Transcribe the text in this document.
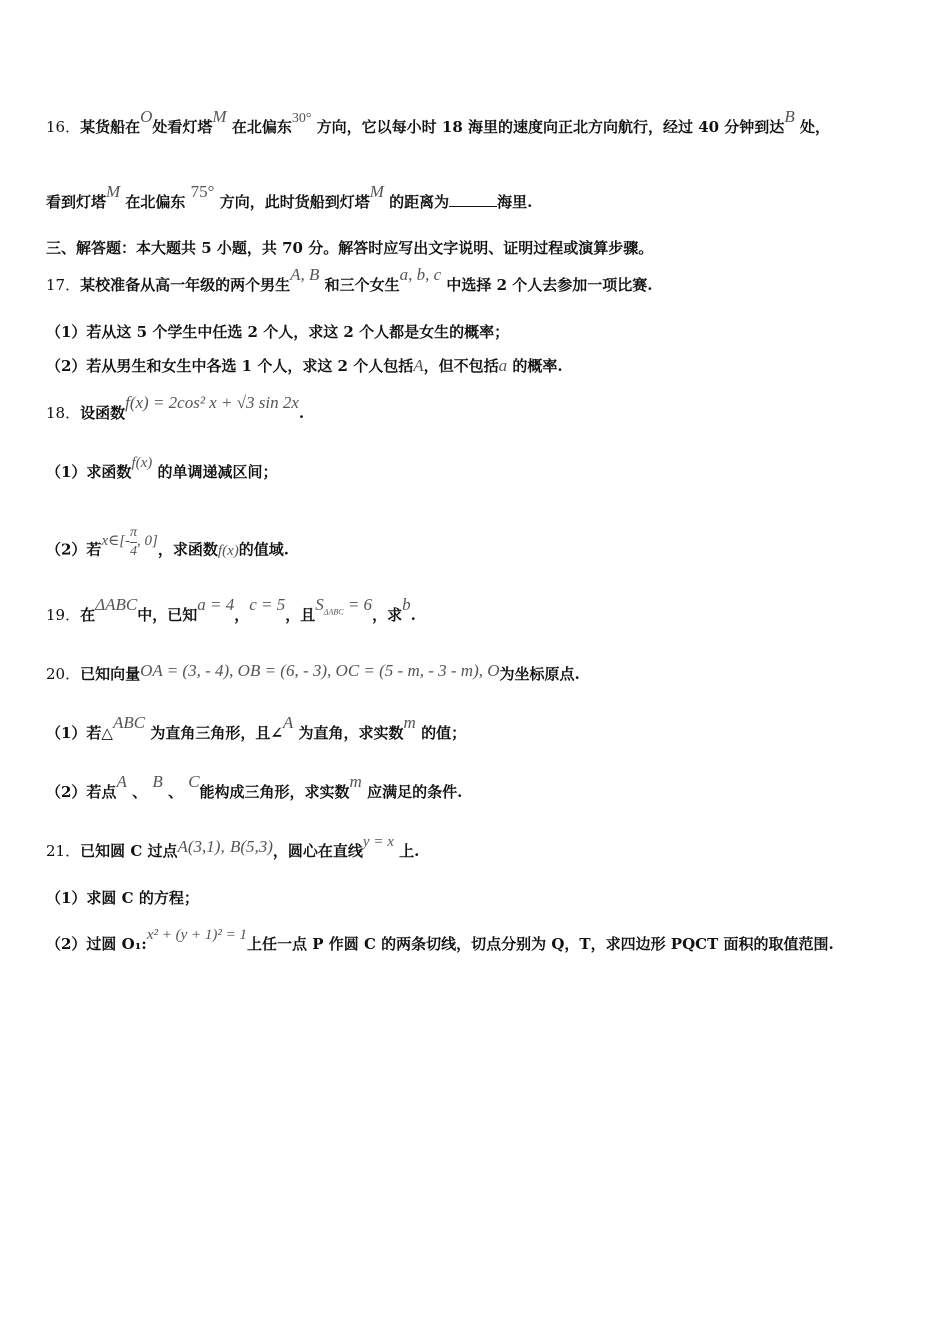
16．某货船在O处看灯塔M 在北偏东30° 方向，它以每小时 18 海里的速度向正北方向航行，经过 40 分钟到达B 处，
看到灯塔M 在北偏东 75° 方向，此时货船到灯塔M 的距离为	海里.
三、解答题：本大题共 5 小题，共 70 分。解答时应写出文字说明、证明过程或演算步骤。
17．某校准备从高一年级的两个男生A, B 和三个女生a, b, c 中选择 2 个人去参加一项比赛.
（1）若从这 5 个学生中任选 2 个人，求这 2 个人都是女生的概率；
（2）若从男生和女生中各选 1 个人，求这 2 个人包括A，但不包括a 的概率.
18．设函数f(x) = 2cos² x + √3 sin 2x.
（1）求函数f(x) 的单调递减区间；
（2）若x∈[- $\frac{\pi}{4}$ , 0]，求函数f(x)的值域.
19．在ΔABC中，已知a = 4，c = 5，且$S_{\Delta ABC} = 6$，求b.
20．已知向量OA = (3, - 4), OB = (6, - 3), OC = (5 - m, - 3 - m), O为坐标原点.
（1）若△ABC 为直角三角形，且∠A 为直角，求实数m 的值；
（2）若点A 、 B 、 C能构成三角形，求实数m 应满足的条件.
21．已知圆 C 过点A(3,1), B(5,3)，圆心在直线y = x 上.
（1）求圆 C 的方程；
（2）过圆 O₁:x² + (y + 1)² = 1上任一点 P 作圆 C 的两条切线，切点分别为 Q，T，求四边形 PQCT 面积的取值范围.
